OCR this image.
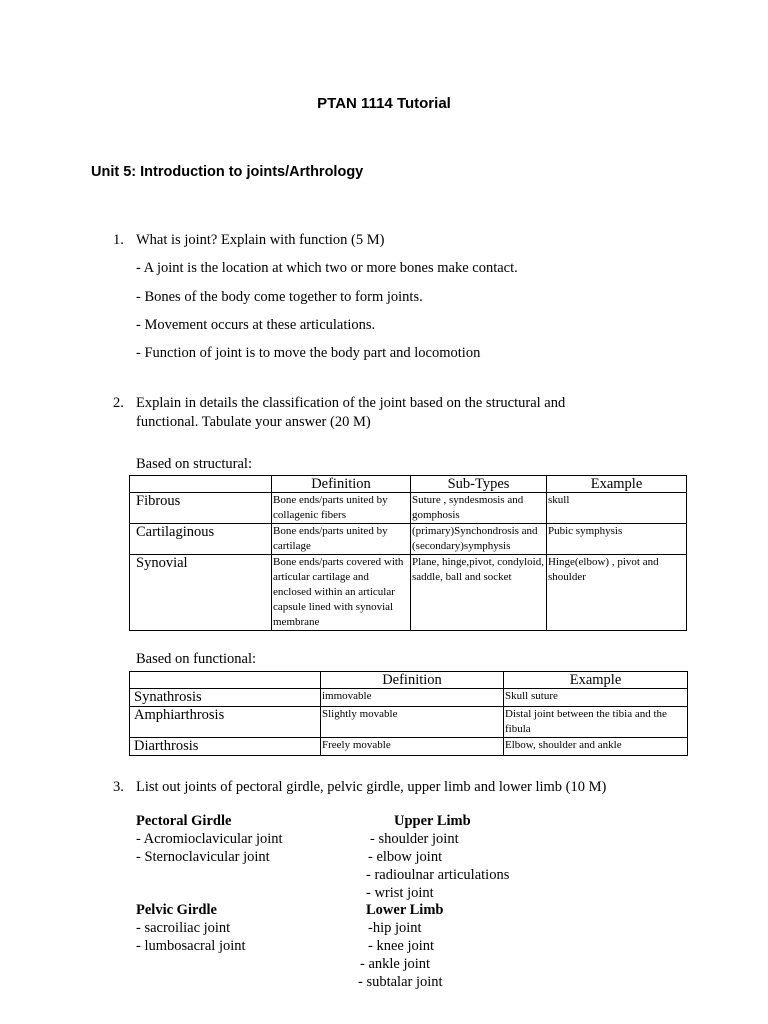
PTAN 1114 Tutorial
Unit 5: Introduction to joints/Arthrology
1. What is joint? Explain with function (5 M)
- A joint is the location at which two or more bones make contact.
- Bones of the body come together to form joints.
- Movement occurs at these articulations.
- Function of joint is to move the body part and locomotion
2. Explain in details the classification of the joint based on the structural and
functional. Tabulate your answer (20 M)
Based on structural:
	Definition	Sub-Types	Example
Fibrous	Bone ends/parts united by collagenic fibers	Suture , syndesmosis and gomphosis	skull
Cartilaginous	Bone ends/parts united by cartilage	(primary)Synchondrosis and (secondary)symphysis	Pubic symphysis
Synovial	Bone ends/parts covered with articular cartilage and enclosed within an articular capsule lined with synovial membrane	Plane, hinge,pivot, condyloid, saddle, ball and socket	Hinge(elbow) , pivot and shoulder
Based on functional:
	Definition	Example
Synathrosis	immovable	Skull suture
Amphiarthrosis	Slightly movable	Distal joint between the tibia and the fibula
Diarthrosis	Freely movable	Elbow, shoulder and ankle
3. List out joints of pectoral girdle, pelvic girdle, upper limb and lower limb (10 M)
Pectoral Girdle
- Acromioclavicular joint
- Sternoclavicular joint
Upper Limb
- shoulder joint
- elbow joint
- radioulnar articulations
- wrist joint
Pelvic Girdle
- sacroiliac joint
- lumbosacral joint
Lower Limb
-hip joint
- knee joint
- ankle joint
- subtalar joint
